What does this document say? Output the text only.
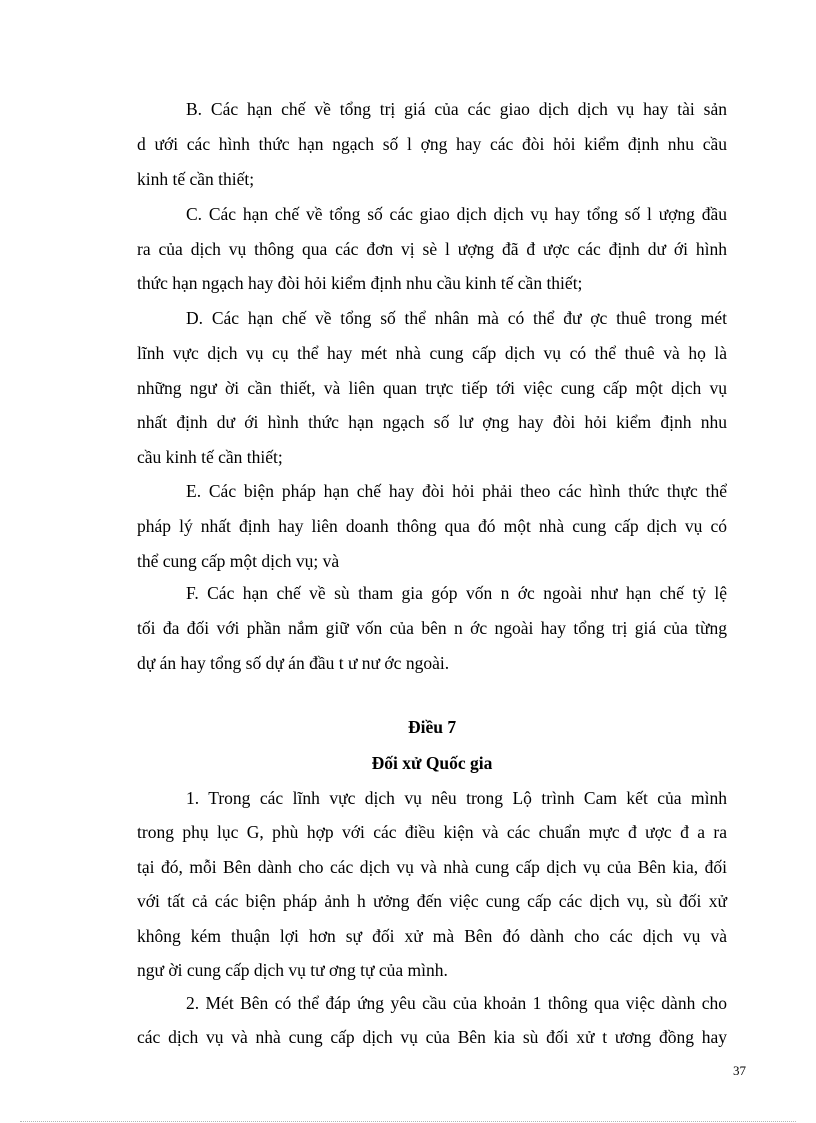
B. Các hạn chế về tổng trị giá của các giao dịch dịch vụ hay tài sản
d ưới các hình thức hạn ngạch số l ợng hay các đòi hỏi kiểm định nhu cầu
kinh tế cần thiết;
C. Các hạn chế về tổng số các giao dịch dịch vụ hay tổng số l ượng đầu
ra của dịch vụ thông qua các đơn vị sè l ượng đã đ ược các định dư ới hình
thức hạn ngạch hay đòi hỏi kiểm định nhu cầu kinh tế cần thiết;
D. Các hạn chế về tổng số thể nhân mà có thể đư ợc thuê trong mét
lĩnh vực dịch vụ cụ thể hay mét nhà cung cấp dịch vụ có thể thuê và họ là
những ngư ời cần thiết, và liên quan trực tiếp tới việc cung cấp một dịch vụ
nhất định dư ới hình thức hạn ngạch số lư ợng hay đòi hỏi kiểm định nhu
cầu kinh tế cần thiết;
E. Các biện pháp hạn chế hay đòi hỏi phải theo các hình thức thực thể
pháp lý nhất định hay liên doanh thông qua đó một nhà cung cấp dịch vụ có
thể cung cấp một dịch vụ; và
F. Các hạn chế về sù tham gia góp vốn n ớc ngoài như hạn chế tỷ lệ
tối đa đối với phần nắm giữ vốn của bên n ớc ngoài hay tổng trị giá của từng
dự án hay tổng số dự án đầu t ư nư ớc ngoài.
Điều 7
Đối xử Quốc gia
1. Trong các lĩnh vực dịch vụ nêu trong Lộ trình Cam kết của mình
trong phụ lục G, phù hợp với các điều kiện và các chuẩn mực đ ược đ a ra
tại đó, mỗi Bên dành cho các dịch vụ và nhà cung cấp dịch vụ của Bên kia, đối
với tất cả các biện pháp ảnh h ưởng đến việc cung cấp các dịch vụ, sù đối xử
không kém thuận lợi hơn sự đối xử mà Bên đó dành cho các dịch vụ và
ngư ời cung cấp dịch vụ tư ơng tự của mình.
2. Mét Bên có thể đáp ứng yêu cầu của khoản 1 thông qua việc dành cho
các dịch vụ và nhà cung cấp dịch vụ của Bên kia sù đối xử t ương đồng hay
37
